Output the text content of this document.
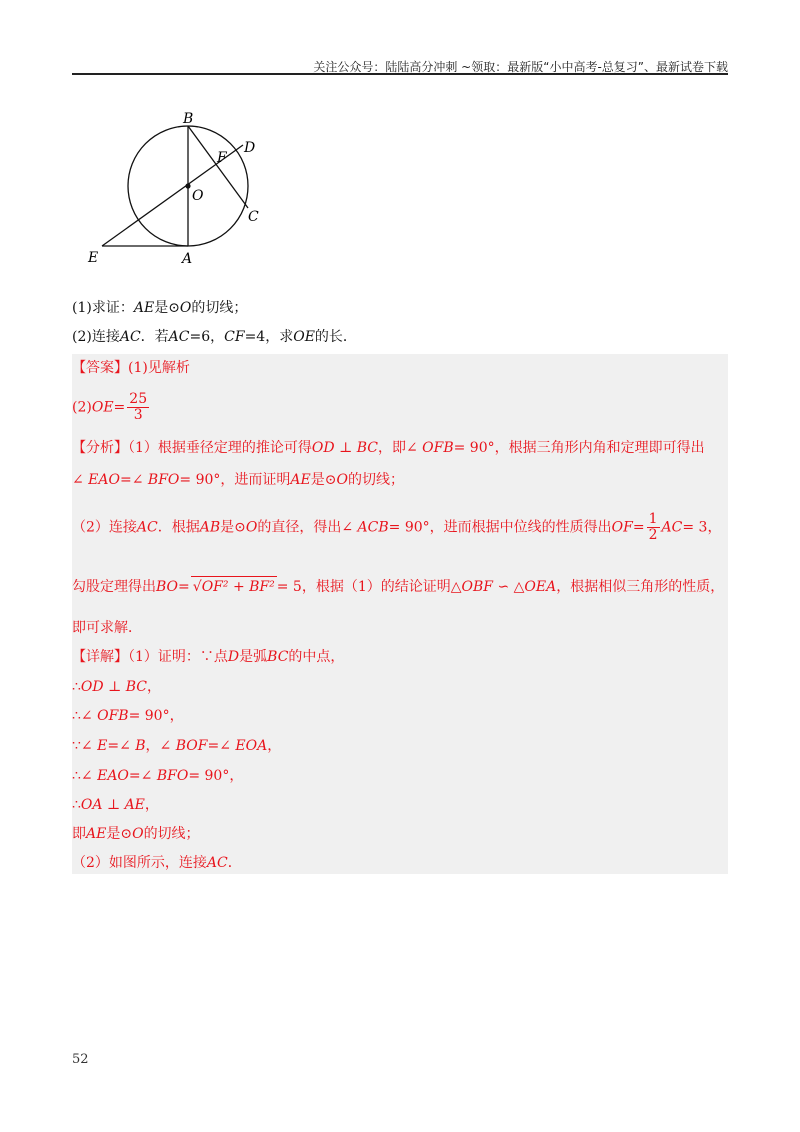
关注公众号：陆陆高分冲刺 ~领取：最新版“小中高考-总复习”、最新试卷下载
B
D
F
O
C
E	A
(1)求证：AE是⊙O的切线；
(2)连接AC．若AC=6，CF=4，求OE的长．
【答案】(1)见解析
$(2)OE= \frac{25}{3}$
【分析】（1）根据垂径定理的推论可得OD ⊥ BC，即∠ OFB= 90°，根据三角形内角和定理即可得出
∠ EAO=∠ BFO= 90°，进而证明AE是⊙O的切线；
（2）连接AC．根据AB是⊙O的直径，得出∠ ACB= 90°，进而根据中位线的性质得出$OF= \frac{1}{2} AC= 3$，
勾股定理得出BO= √OF² + BF² = 5，根据（1）的结论证明△OBF ∽ △OEA，根据相似三角形的性质，
即可求解．
【详解】（1）证明：∵点D是弧BC的中点，
∴OD ⊥ BC，
∴∠ OFB= 90°，
∵∠ E=∠ B，∠ BOF=∠ EOA，
∴∠ EAO=∠ BFO= 90°，
∴OA ⊥ AE，
即AE是⊙O的切线；
（2）如图所示，连接AC．
52
